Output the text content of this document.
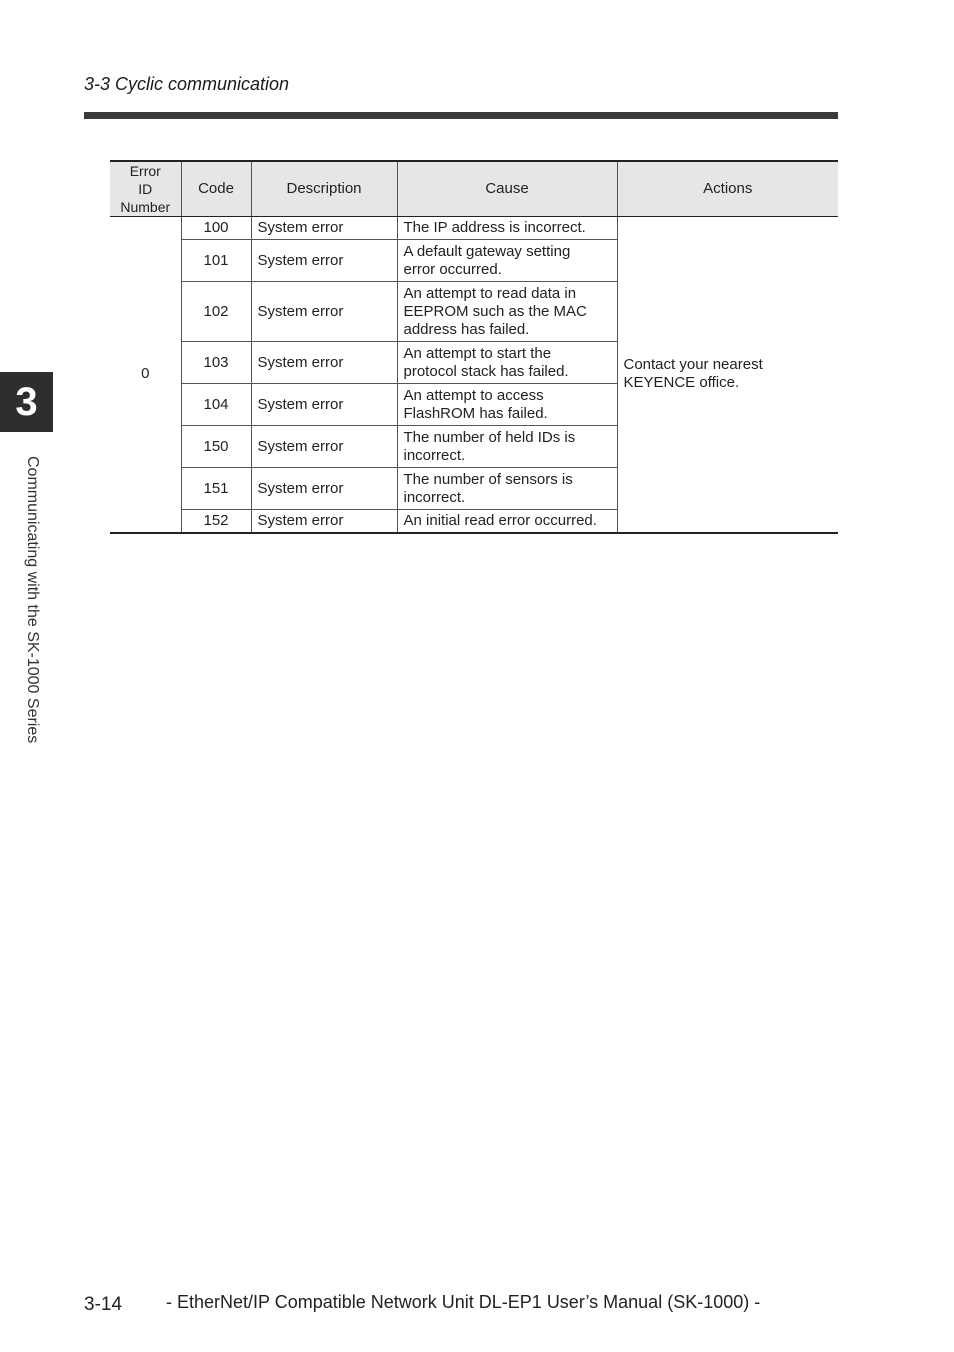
3-3 Cyclic communication
3
Communicating with the SK-1000 Series
Error ID Number	Code	Description	Cause	Actions
0	100	System error	The IP address is incorrect.	Contact your nearest KEYENCE office.
	101	System error	A default gateway setting error occurred.	
	102	System error	An attempt to read data in EEPROM such as the MAC address has failed.	
	103	System error	An attempt to start the protocol stack has failed.	
	104	System error	An attempt to access FlashROM has failed.	
	150	System error	The number of held IDs is incorrect.	
	151	System error	The number of sensors is incorrect.	
	152	System error	An initial read error occurred.	
3-14 - EtherNet/IP Compatible Network Unit DL-EP1 User’s Manual (SK-1000) -
